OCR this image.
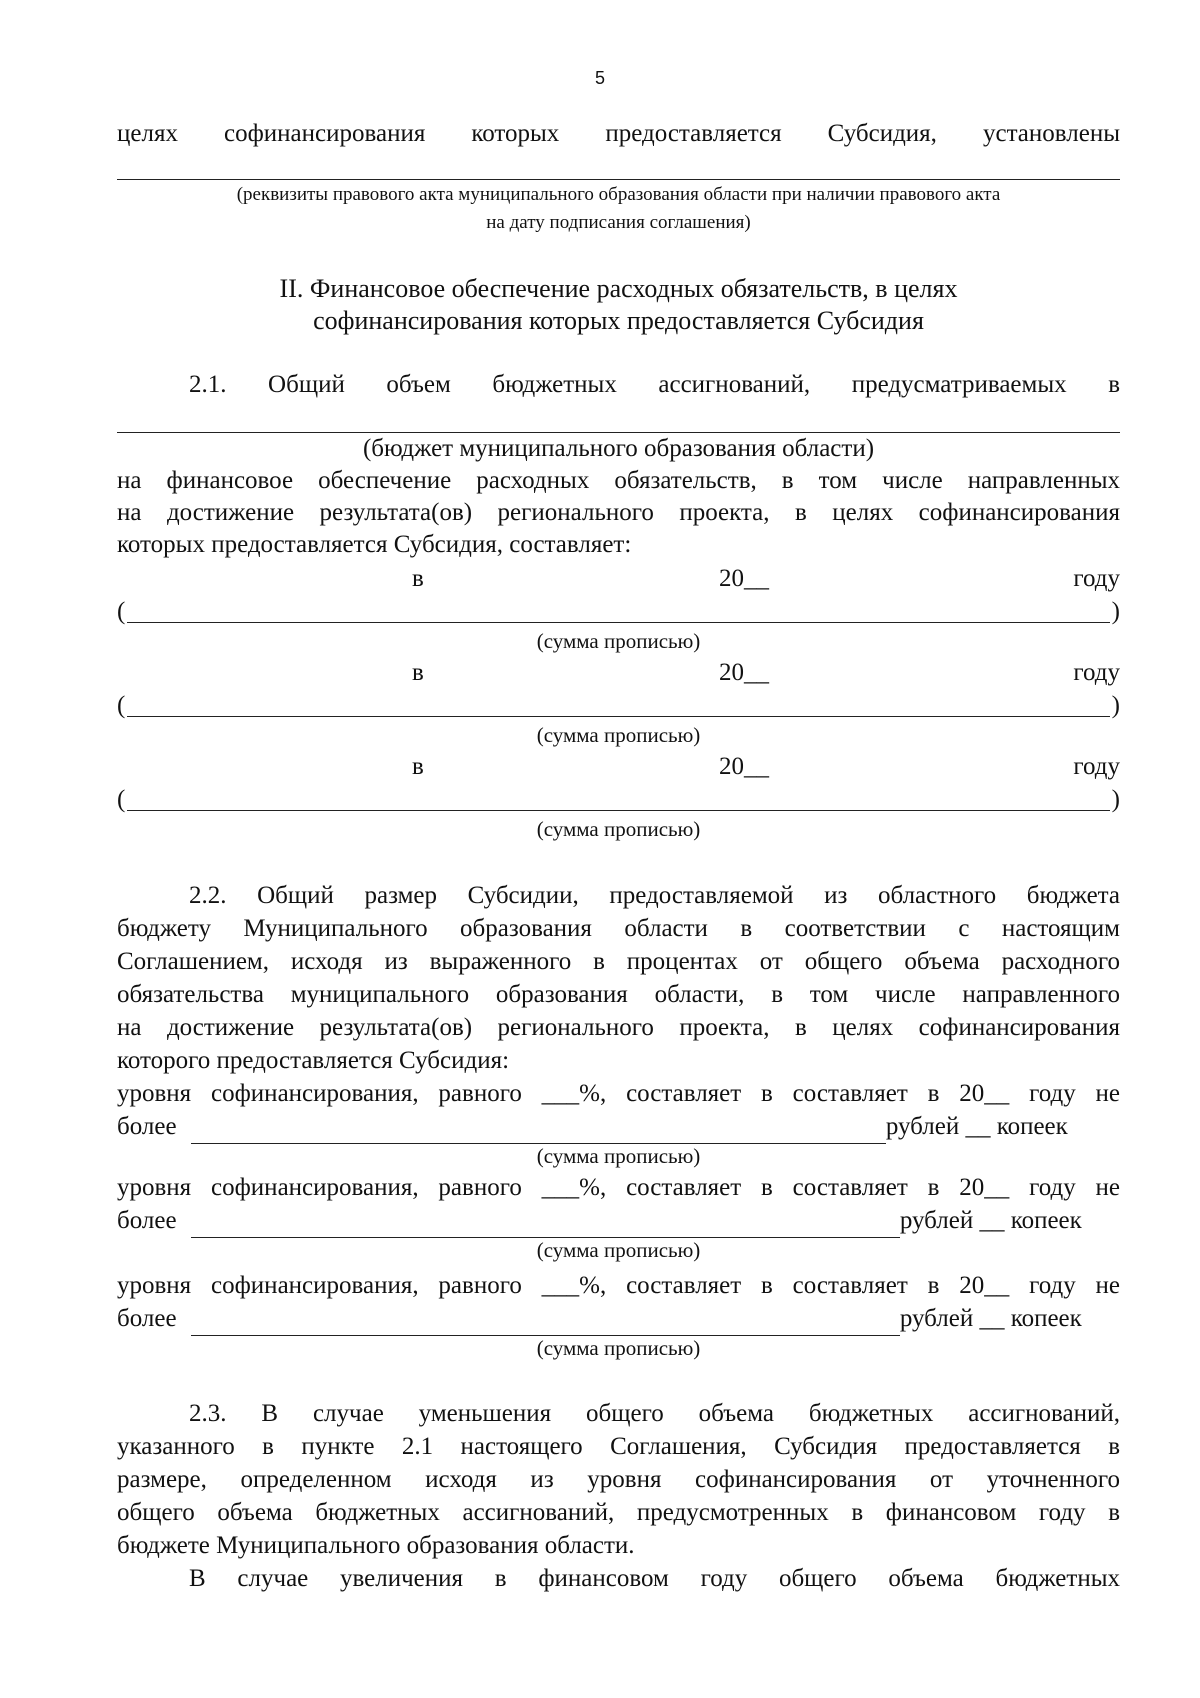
5
целях софинансирования которых предоставляется Субсидия, установлены
(реквизиты правового акта муниципального образования области при наличии правового акта
на дату подписания соглашения)
II. Финансовое обеспечение расходных обязательств, в целях
софинансирования которых предоставляется Субсидия
2.1. Общий объем бюджетных ассигнований, предусматриваемых в
(бюджет муниципального образования области)
на финансовое обеспечение расходных обязательств, в том числе направленных
на достижение результата(ов) регионального проекта, в целях софинансирования
которых предоставляется Субсидия, составляет:
в	20__	году
(	)
(сумма прописью)
в	20__	году
(	)
(сумма прописью)
в	20__	году
(	)
(сумма прописью)
2.2. Общий размер Субсидии, предоставляемой из областного бюджета
бюджету Муниципального образования области в соответствии с настоящим
Соглашением, исходя из выраженного в процентах от общего объема расходного
обязательства муниципального образования области, в том числе направленного
на достижение результата(ов) регионального проекта, в целях софинансирования
которого предоставляется Субсидия:
уровня софинансирования, равного ___%, составляет в составляет в 20__ году не
более	рублей __ копеек
(сумма прописью)
уровня софинансирования, равного ___%, составляет в составляет в 20__ году не
более	рублей __ копеек
(сумма прописью)
уровня софинансирования, равного ___%, составляет в составляет в 20__ году не
более	рублей __ копеек
(сумма прописью)
2.3. В случае уменьшения общего объема бюджетных ассигнований,
указанного в пункте 2.1 настоящего Соглашения, Субсидия предоставляется в
размере, определенном исходя из уровня софинансирования от уточненного
общего объема бюджетных ассигнований, предусмотренных в финансовом году в
бюджете Муниципального образования области.
В случае увеличения в финансовом году общего объема бюджетных
